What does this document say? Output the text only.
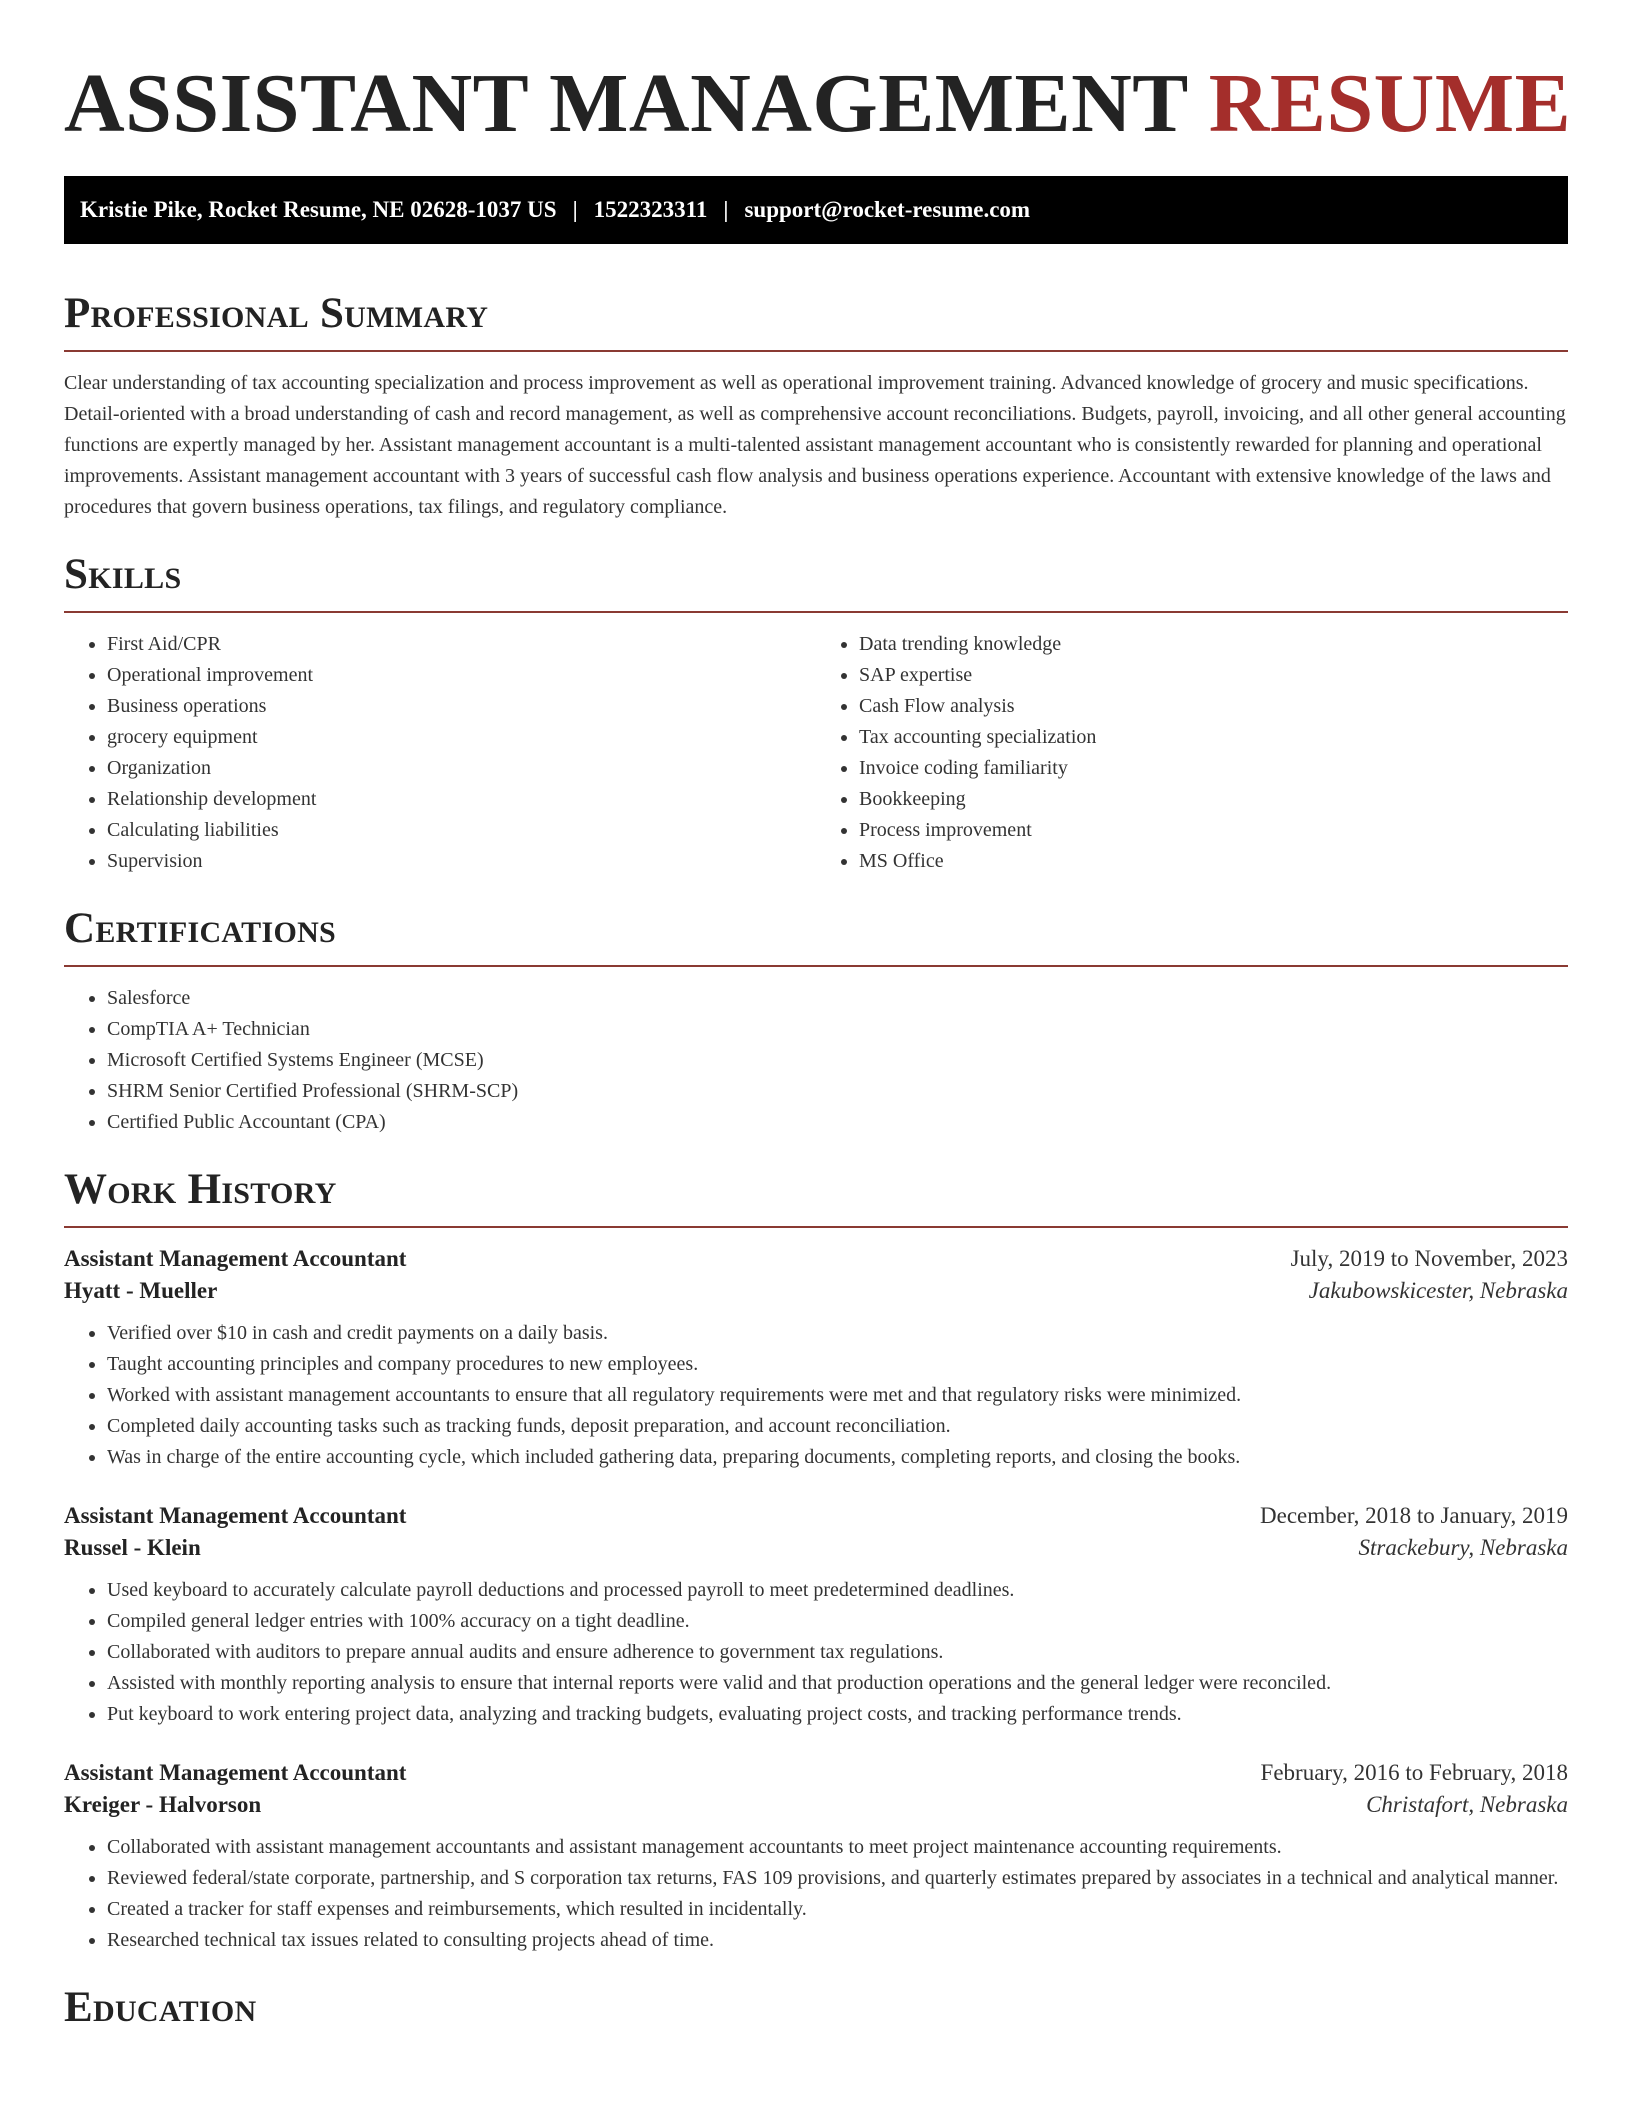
ASSISTANT MANAGEMENT RESUME
Kristie Pike, Rocket Resume, NE 02628-1037 US | 1522323311 | support@rocket-resume.com
Professional Summary

Clear understanding of tax accounting specialization and process improvement as well as operational improvement training. Advanced knowledge of grocery and music specifications. Detail-oriented with a broad understanding of cash and record management, as well as comprehensive account reconciliations. Budgets, payroll, invoicing, and all other general accounting functions are expertly managed by her. Assistant management accountant is a multi-talented assistant management accountant who is consistently rewarded for planning and operational improvements. Assistant management accountant with 3 years of successful cash flow analysis and business operations experience. Accountant with extensive knowledge of the laws and procedures that govern business operations, tax filings, and regulatory compliance.

Skills
• First Aid/CPR
• Operational improvement
• Business operations
• grocery equipment
• Organization
• Relationship development
• Calculating liabilities
• Supervision
• Data trending knowledge
• SAP expertise
• Cash Flow analysis
• Tax accounting specialization
• Invoice coding familiarity
• Bookkeeping
• Process improvement
• MS Office
Certifications
• Salesforce
• CompTIA A+ Technician
• Microsoft Certified Systems Engineer (MCSE)
• SHRM Senior Certified Professional (SHRM-SCP)
• Certified Public Accountant (CPA)
Work History
Assistant Management Accountant	July, 2019 to November, 2023
Hyatt - Mueller	Jakubowskicester, Nebraska
• Verified over $10 in cash and credit payments on a daily basis.
• Taught accounting principles and company procedures to new employees.
• Worked with assistant management accountants to ensure that all regulatory requirements were met and that regulatory risks were minimized.
• Completed daily accounting tasks such as tracking funds, deposit preparation, and account reconciliation.
• Was in charge of the entire accounting cycle, which included gathering data, preparing documents, completing reports, and closing the books.
Assistant Management Accountant	December, 2018 to January, 2019
Russel - Klein	Strackebury, Nebraska
• Used keyboard to accurately calculate payroll deductions and processed payroll to meet predetermined deadlines.
• Compiled general ledger entries with 100% accuracy on a tight deadline.
• Collaborated with auditors to prepare annual audits and ensure adherence to government tax regulations.
• Assisted with monthly reporting analysis to ensure that internal reports were valid and that production operations and the general ledger were reconciled.
• Put keyboard to work entering project data, analyzing and tracking budgets, evaluating project costs, and tracking performance trends.
Assistant Management Accountant	February, 2016 to February, 2018
Kreiger - Halvorson	Christafort, Nebraska
• Collaborated with assistant management accountants and assistant management accountants to meet project maintenance accounting requirements.
• Reviewed federal/state corporate, partnership, and S corporation tax returns, FAS 109 provisions, and quarterly estimates prepared by associates in a technical and analytical manner.
• Created a tracker for staff expenses and reimbursements, which resulted in incidentally.
• Researched technical tax issues related to consulting projects ahead of time.
Education
